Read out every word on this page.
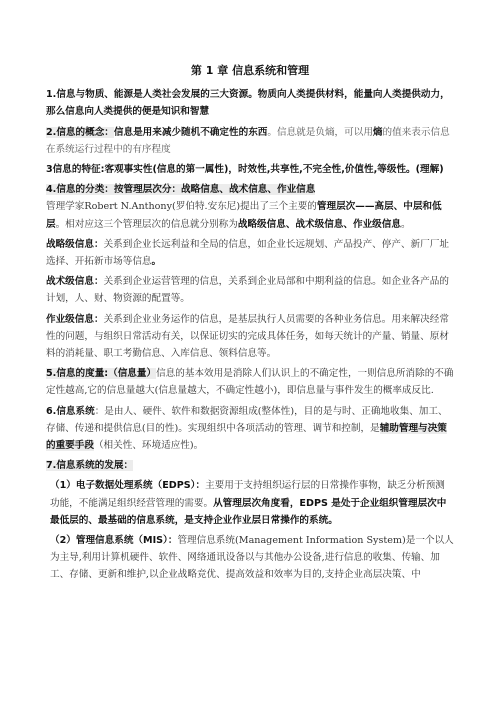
第 1 章 信息系统和管理

1.信息与物质、能源是人类社会发展的三大资源。物质向人类提供材料，能量向人类提供动力，那么信息向人类提供的便是知识和智慧

2.信息的概念：信息是用来减少随机不确定性的东西。信息就是负熵，可以用熵的值来表示信息在系统运行过程中的有序程度

3信息的特征:客观事实性(信息的第一属性)，时效性,共享性,不完全性,价值性,等级性。(理解)

4.信息的分类：按管理层次分：战略信息、战术信息、作业信息
管理学家Robert N.Anthony(罗伯特.安东尼)提出了三个主要的管理层次——高层、中层和低层。相对应这三个管理层次的信息就分别称为战略级信息、战术级信息、作业级信息。

战略级信息：关系到企业长远利益和全局的信息，如企业长远规划、产品投产、停产、新厂厂址选择、开拓新市场等信息。

战术级信息：关系到企业运营管理的信息，关系到企业局部和中期利益的信息。如企业各产品的计划，人、财、物资源的配置等。

作业级信息：关系到企业业务运作的信息，是基层执行人员需要的各种业务信息。用来解决经常性的问题，与组织日常活动有关，以保证切实的完成具体任务，如每天统计的产量、销量、原材料的消耗量、职工考勤信息、入库信息、领料信息等。

5.信息的度量:（信息量）信息的基本效用是消除人们认识上的不确定性，一则信息所消除的不确定性越高,它的信息量越大(信息量越大，不确定性越小)，即信息量与事件发生的概率成反比.

6.信息系统：是由人、硬件、软件和数据资源组成(整体性)，目的是与时、正确地收集、加工、存储、传递和提供信息(目的性)。实现组织中各项活动的管理、调节和控制，是辅助管理与决策的重要手段（相关性、环境适应性)。

7.信息系统的发展：

（1）电子数据处理系统（EDPS）：主要用于支持组织运行层的日常操作事物，缺乏分析预测功能，不能满足组织经营管理的需要。从管理层次角度看，EDPS 是处于企业组织管理层次中最低层的、最基础的信息系统，是支持企业作业层日常操作的系统。

（2）管理信息系统（MIS）：管理信息系统(Management Information System)是一个以人为主导,利用计算机硬件、软件、网络通讯设备以与其他办公设备,进行信息的收集、传输、加工、存储、更新和维护,以企业战略竞优、提高效益和效率为目的,支持企业高层决策、中
